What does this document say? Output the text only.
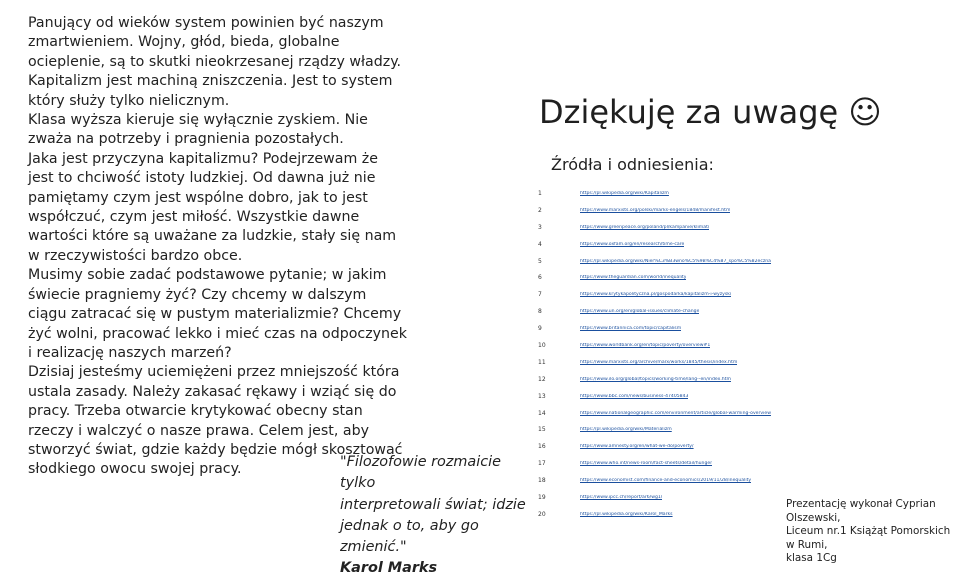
Panujący od wieków system powinien być naszym zmartwieniem. Wojny, głód, bieda, globalne ocieplenie, są to skutki nieokrzesanej rządzy władzy. Kapitalizm jest machiną zniszczenia. Jest to system który służy tylko nielicznym.

Klasa wyższa kieruje się wyłącznie zyskiem. Nie zważa na potrzeby i pragnienia pozostałych.

Jaka jest przyczyna kapitalizmu? Podejrzewam że jest to chciwość istoty ludzkiej. Od dawna już nie pamiętamy czym jest wspólne dobro, jak to jest współczuć, czym jest miłość. Wszystkie dawne wartości które są uważane za ludzkie, stały się nam w rzeczywistości bardzo obce.

Musimy sobie zadać podstawowe pytanie; w jakim świecie pragniemy żyć? Czy chcemy w dalszym ciągu zatracać się w pustym materializmie? Chcemy żyć wolni, pracować lekko i mieć czas na odpoczynek i realizację naszych marzeń?

Dzisiaj jesteśmy uciemiężeni przez mniejszość która ustala zasady. Należy zakasać rękawy i wziąć się do pracy. Trzeba otwarcie krytykować obecny stan rzeczy i walczyć o nasze prawa. Celem jest, aby stworzyć świat, gdzie każdy będzie mógł skosztować słodkiego owocu swojej pracy.	"Filozofowie rozmaicie tylko
interpretowali świat; idzie
jednak o to, aby go zmienić."
Karol Marks
Dziękuję za uwagę ☺
Źródła i odniesienia:
1	https://pl.wikipedia.org/wiki/Kapitalizm
2	https://www.marxists.org/polski/marks-engels/1848/manifest.htm
3	https://www.greenpeace.org/poland/pl/kampanie/klimat/
4	https://www.oxfam.org/en/research/time-care
5	https://pl.wikipedia.org/wiki/Nier%C3%B3wno%C5%9B%C4%87_spo%C5%82eczna
6	https://www.theguardian.com/world/inequality
7	https://www.krytykapolityczna.pl/gospodarka/kapitalizm-i-wyzysk/
8	https://www.un.org/en/global-issues/climate-change
9	https://www.britannica.com/topic/capitalism
10	https://www.worldbank.org/en/topic/poverty/overview#1
11	https://www.marxists.org/archive/marx/works/1845/thesis/index.htm
12	https://www.ilo.org/global/topics/working-time/lang--en/index.htm
13	https://www.bbc.com/news/business-47405843
14	https://www.nationalgeographic.com/environment/article/global-warming-overview
15	https://pl.wikipedia.org/wiki/Materializm
16	https://www.amnesty.org/en/what-we-do/poverty/
17	https://www.who.int/news-room/fact-sheets/detail/hunger
18	https://www.economist.com/finance-and-economics/2019/11/28/inequality
19	https://www.ipcc.ch/report/ar6/wg1/
20	https://pl.wikipedia.org/wiki/Karol_Marks
Prezentację wykonał Cyprian Olszewski,
Liceum nr.1 Książąt Pomorskich w Rumi,
klasa 1Cg
